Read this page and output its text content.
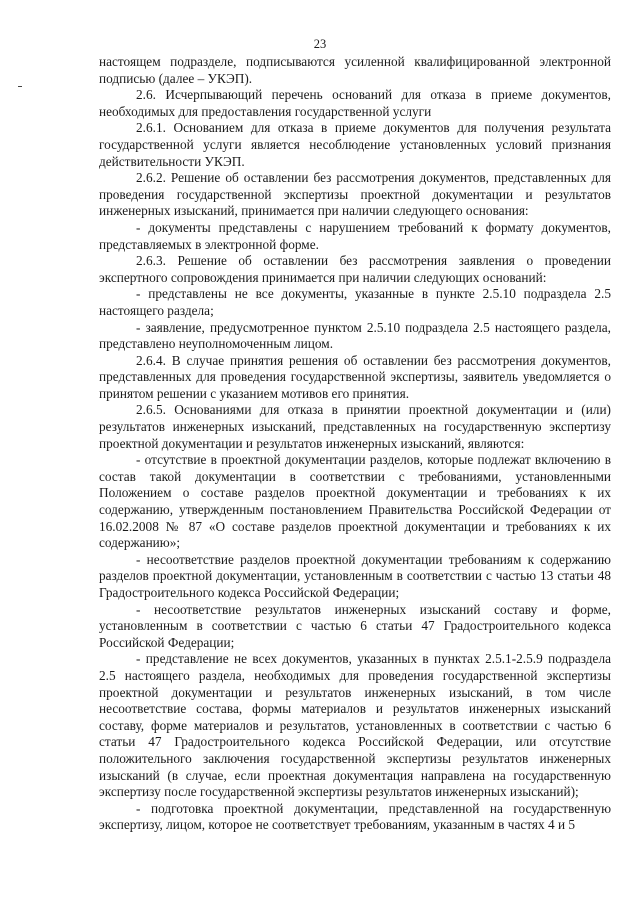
23

настоящем подразделе, подписываются усиленной квалифицированной электронной подписью (далее – УКЭП).

2.6. Исчерпывающий перечень оснований для отказа в приеме документов, необходимых для предоставления государственной услуги

2.6.1. Основанием для отказа в приеме документов для получения результата государственной услуги является несоблюдение установленных условий признания действительности УКЭП.

2.6.2. Решение об оставлении без рассмотрения документов, представленных для проведения государственной экспертизы проектной документации и результатов инженерных изысканий, принимается при наличии следующего основания:

- документы представлены с нарушением требований к формату документов, представляемых в электронной форме.

2.6.3. Решение об оставлении без рассмотрения заявления о проведении экспертного сопровождения принимается при наличии следующих оснований:

- представлены не все документы, указанные в пункте 2.5.10 подраздела 2.5 настоящего раздела;

- заявление, предусмотренное пунктом 2.5.10 подраздела 2.5 настоящего раздела, представлено неуполномоченным лицом.

2.6.4. В случае принятия решения об оставлении без рассмотрения документов, представленных для проведения государственной экспертизы, заявитель уведомляется о принятом решении с указанием мотивов его принятия.

2.6.5. Основаниями для отказа в принятии проектной документации и (или) результатов инженерных изысканий, представленных на государственную экспертизу проектной документации и результатов инженерных изысканий, являются:

- отсутствие в проектной документации разделов, которые подлежат включению в состав такой документации в соответствии с требованиями, установленными Положением о составе разделов проектной документации и требованиях к их содержанию, утвержденным постановлением Правительства Российской Федерации от 16.02.2008 № 87 «О составе разделов проектной документации и требованиях к их содержанию»;

- несоответствие разделов проектной документации требованиям к содержанию разделов проектной документации, установленным в соответствии с частью 13 статьи 48 Градостроительного кодекса Российской Федерации;

- несоответствие результатов инженерных изысканий составу и форме, установленным в соответствии с частью 6 статьи 47 Градостроительного кодекса Российской Федерации;

- представление не всех документов, указанных в пунктах 2.5.1-2.5.9 подраздела 2.5 настоящего раздела, необходимых для проведения государственной экспертизы проектной документации и результатов инженерных изысканий, в том числе несоответствие состава, формы материалов и результатов инженерных изысканий составу, форме материалов и результатов, установленных в соответствии с частью 6 статьи 47 Градостроительного кодекса Российской Федерации, или отсутствие положительного заключения государственной экспертизы результатов инженерных изысканий (в случае, если проектная документация направлена на государственную экспертизу после государственной экспертизы результатов инженерных изысканий);

- подготовка проектной документации, представленной на государственную экспертизу, лицом, которое не соответствует требованиям, указанным в частях 4 и 5
